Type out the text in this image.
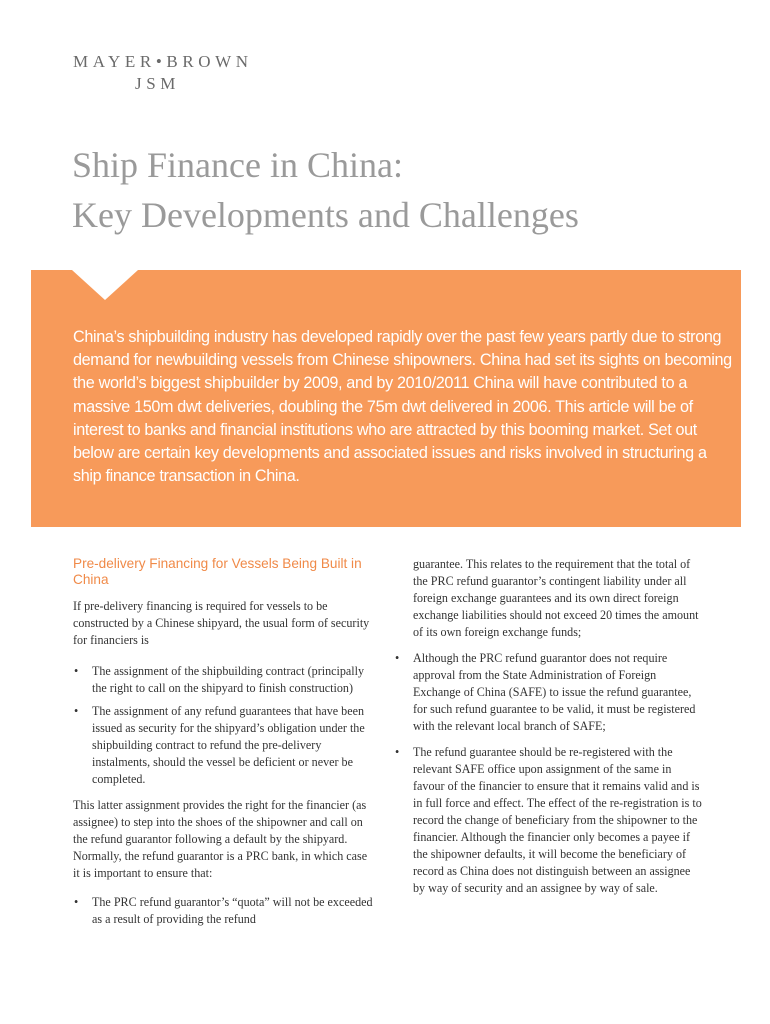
MAYER•BROWN
JSM
Ship Finance in China:
Key Developments and Challenges

China’s shipbuilding industry has developed rapidly over the past few years partly due to strong demand for newbuilding vessels from Chinese shipowners. China had set its sights on becoming the world’s biggest shipbuilder by 2009, and by 2010/2011 China will have contributed to a massive 150m dwt deliveries, doubling the 75m dwt delivered in 2006. This article will be of interest to banks and financial institutions who are attracted by this booming market. Set out below are certain key developments and associated issues and risks involved in structuring a ship finance transaction in China.

Pre-delivery Financing for Vessels Being Built in China

If pre-delivery financing is required for vessels to be constructed by a Chinese shipyard, the usual form of security for financiers is

• The assignment of the shipbuilding contract (principally the right to call on the shipyard to finish construction)
• The assignment of any refund guarantees that have been issued as security for the shipyard’s obligation under the shipbuilding contract to refund the pre-delivery instalments, should the vessel be deficient or never be completed.

This latter assignment provides the right for the financier (as assignee) to step into the shoes of the shipowner and call on the refund guarantor following a default by the shipyard. Normally, the refund guarantor is a PRC bank, in which case it is important to ensure that:

• The PRC refund guarantor’s “quota” will not be exceeded as a result of providing the refund

guarantee. This relates to the requirement that the total of the PRC refund guarantor’s contingent liability under all foreign exchange guarantees and its own direct foreign exchange liabilities should not exceed 20 times the amount of its own foreign exchange funds;

• Although the PRC refund guarantor does not require approval from the State Administration of Foreign Exchange of China (SAFE) to issue the refund guarantee, for such refund guarantee to be valid, it must be registered with the relevant local branch of SAFE;
• The refund guarantee should be re-registered with the relevant SAFE office upon assignment of the same in favour of the financier to ensure that it remains valid and is in full force and effect. The effect of the re-registration is to record the change of beneficiary from the shipowner to the financier. Although the financier only becomes a payee if the shipowner defaults, it will become the beneficiary of record as China does not distinguish between an assignee by way of security and an assignee by way of sale.
